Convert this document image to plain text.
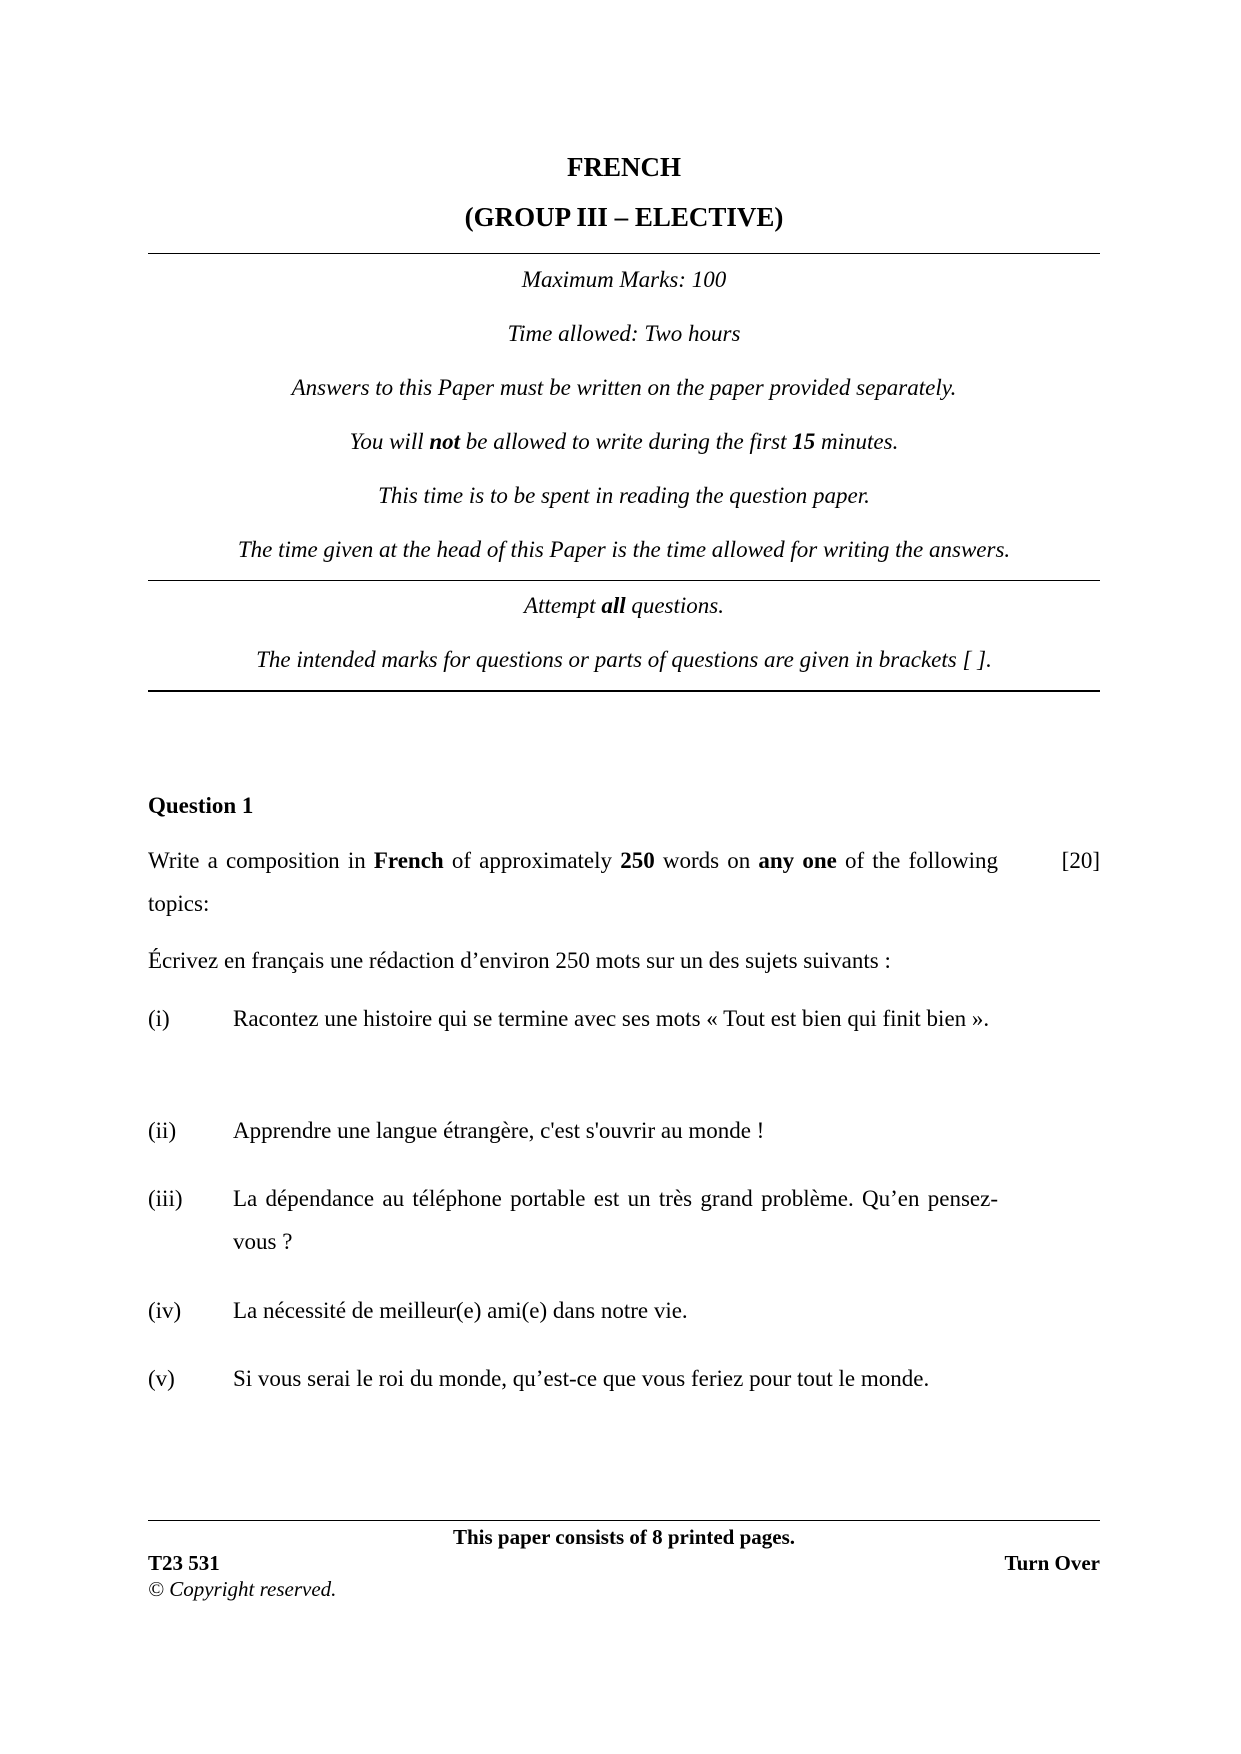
FRENCH
(GROUP III – ELECTIVE)
Maximum Marks: 100
Time allowed: Two hours
Answers to this Paper must be written on the paper provided separately.
You will not be allowed to write during the first 15 minutes.
This time is to be spent in reading the question paper.
The time given at the head of this Paper is the time allowed for writing the answers.
Attempt all questions.
The intended marks for questions or parts of questions are given in brackets [ ].
Question 1
Write a composition in French of approximately 250 words on any one of the following topics:
[20]
Écrivez en français une rédaction d’environ 250 mots sur un des sujets suivants :
(i)	Racontez une histoire qui se termine avec ses mots « Tout est bien qui finit bien ».
(ii)	Apprendre une langue étrangère, c'est s'ouvrir au monde !
(iii)	La dépendance au téléphone portable est un très grand problème. Qu’en pensez-vous ?
(iv)	La nécessité de meilleur(e) ami(e) dans notre vie.
(v)	Si vous serai le roi du monde, qu’est-ce que vous feriez pour tout le monde.
This paper consists of 8 printed pages.
T23 531	Turn Over
© Copyright reserved.
